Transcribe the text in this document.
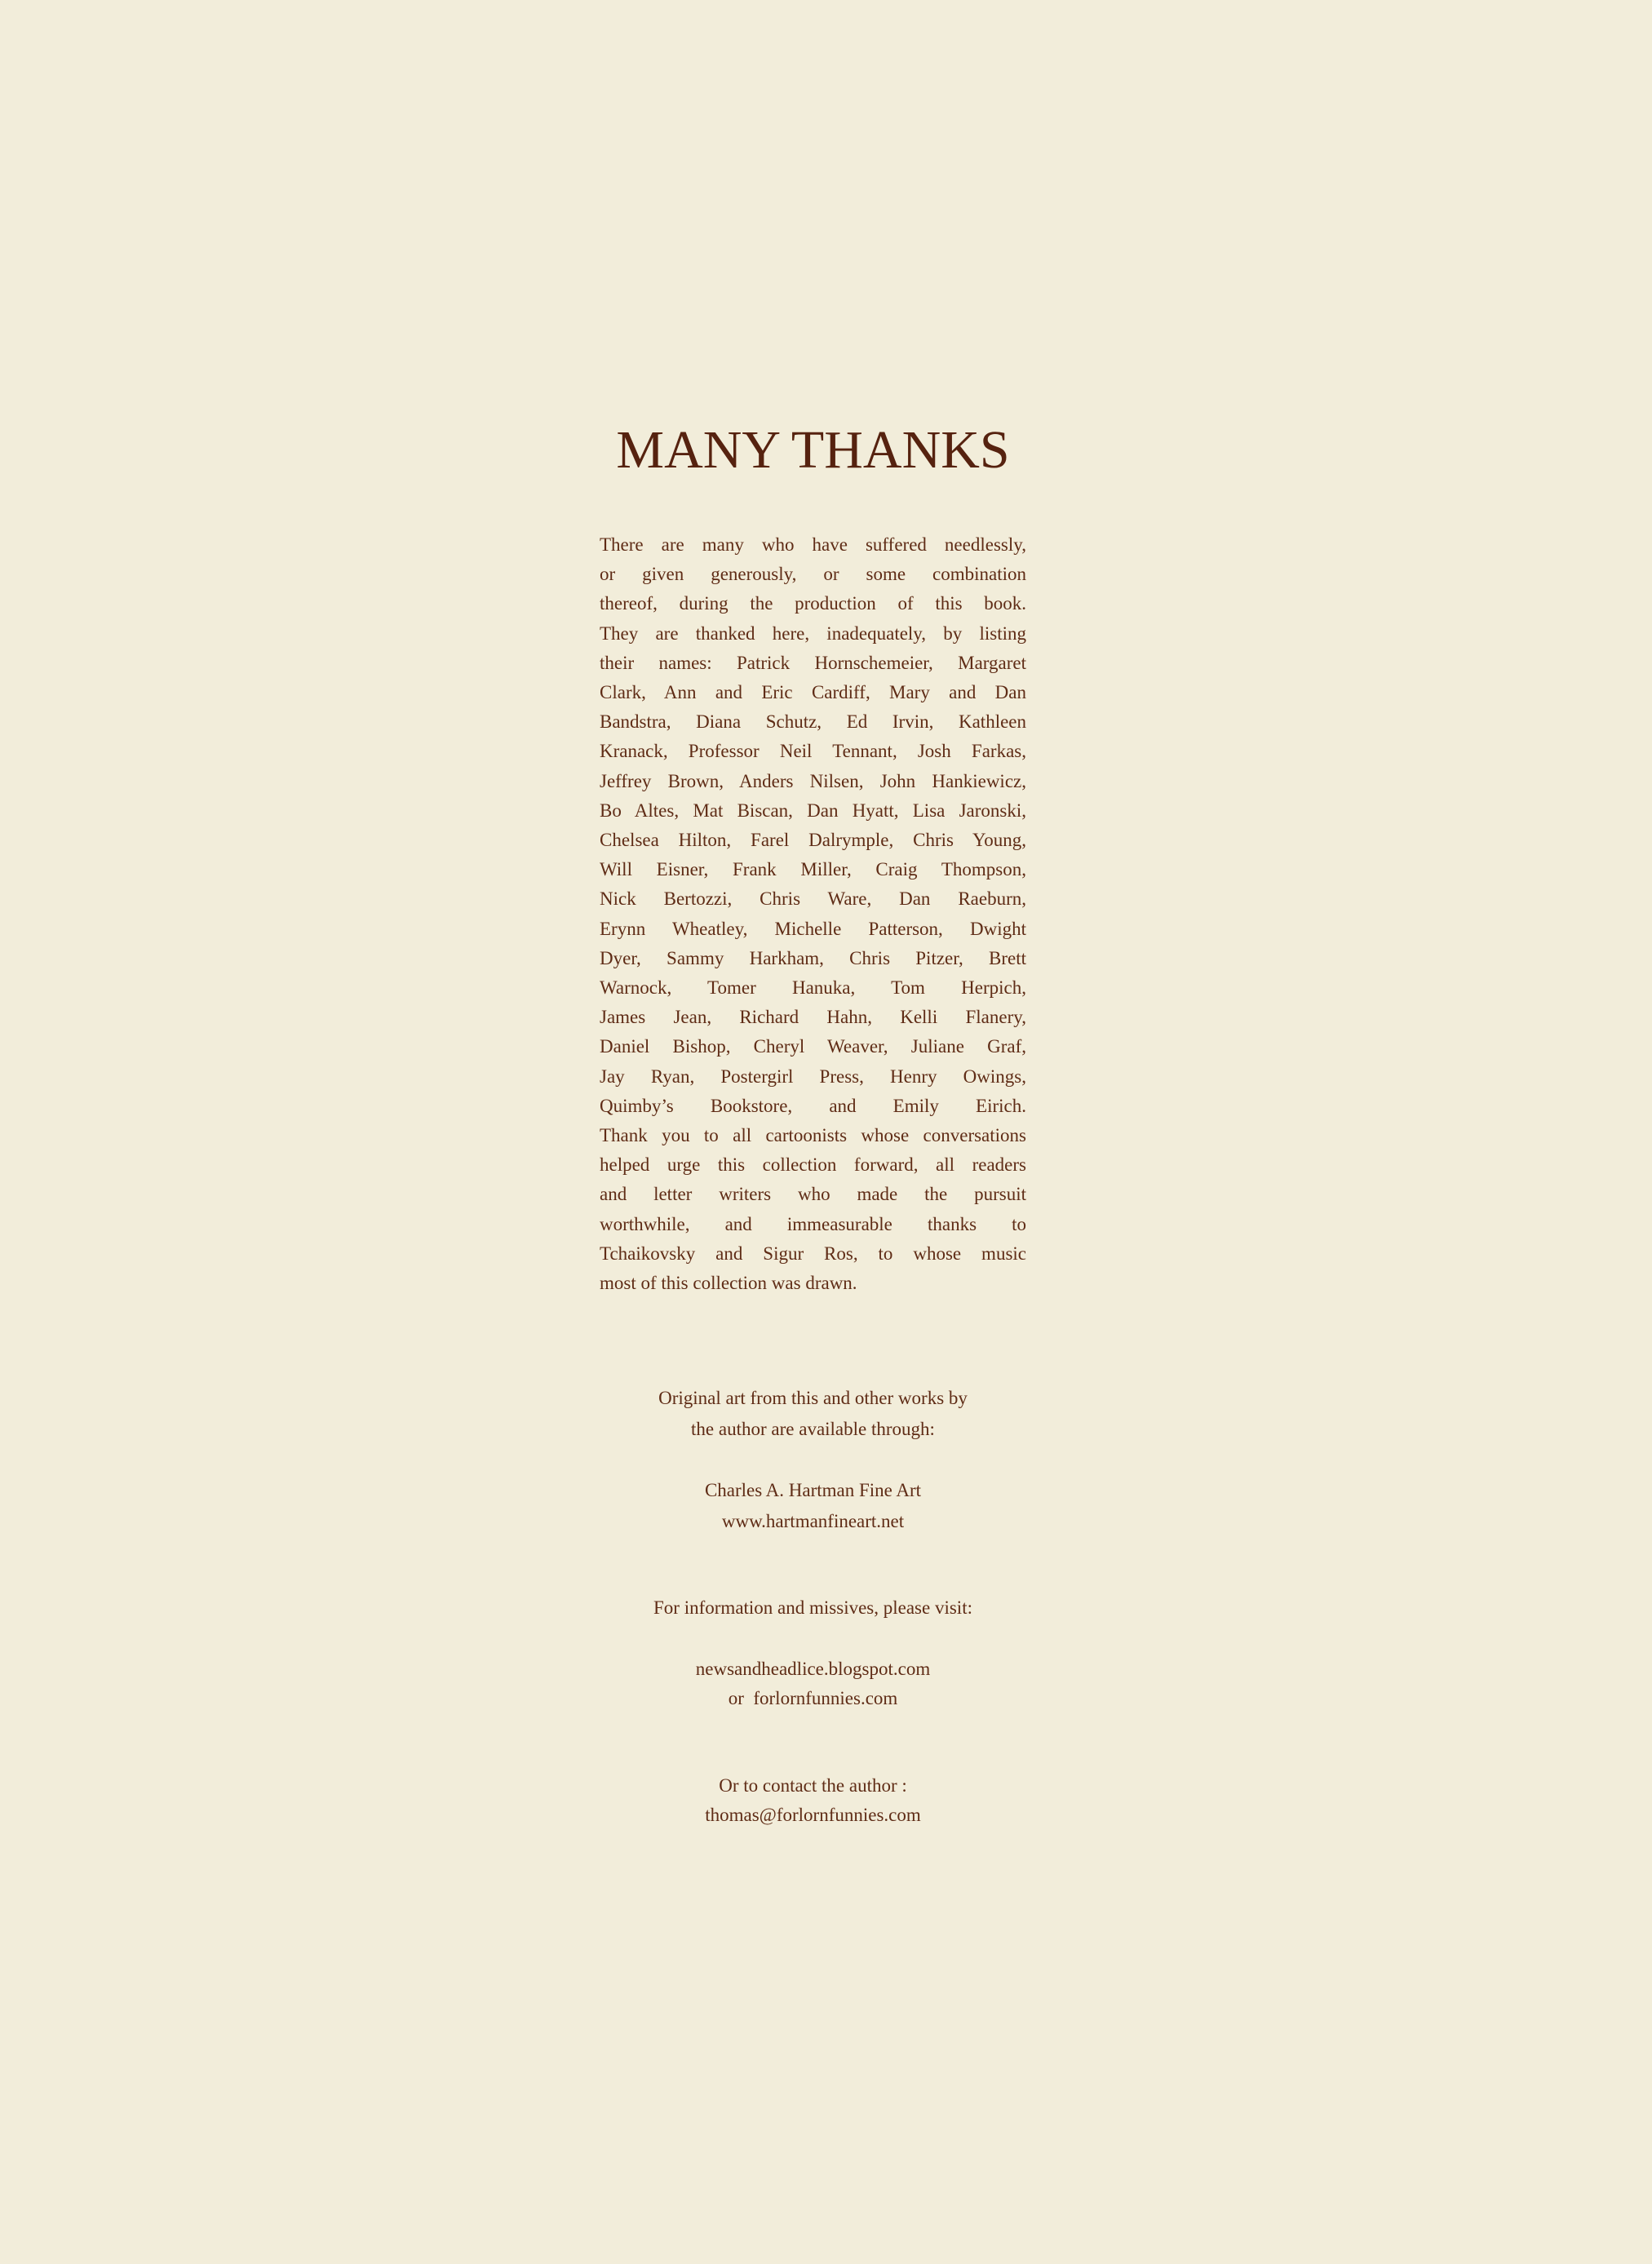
MANY THANKS
There are many who have suffered needlessly,
or given generously, or some combination
thereof, during the production of this book.
They are thanked here, inadequately, by listing
their names: Patrick Hornschemeier, Margaret
Clark, Ann and Eric Cardiff, Mary and Dan
Bandstra, Diana Schutz, Ed Irvin, Kathleen
Kranack, Professor Neil Tennant, Josh Farkas,
Jeffrey Brown, Anders Nilsen, John Hankiewicz,
Bo Altes, Mat Biscan, Dan Hyatt, Lisa Jaronski,
Chelsea Hilton, Farel Dalrymple, Chris Young,
Will Eisner, Frank Miller, Craig Thompson,
Nick Bertozzi, Chris Ware, Dan Raeburn,
Erynn Wheatley, Michelle Patterson, Dwight
Dyer, Sammy Harkham, Chris Pitzer, Brett
Warnock, Tomer Hanuka, Tom Herpich,
James Jean, Richard Hahn, Kelli Flanery,
Daniel Bishop, Cheryl Weaver, Juliane Graf,
Jay Ryan, Postergirl Press, Henry Owings,
Quimby’s Bookstore, and Emily Eirich.
Thank you to all cartoonists whose conversations
helped urge this collection forward, all readers
and letter writers who made the pursuit
worthwhile, and immeasurable thanks to
Tchaikovsky and Sigur Ros, to whose music
most of this collection was drawn.
Original art from this and other works by
the author are available through:
Charles A. Hartman Fine Art
www.hartmanfineart.net
For information and missives, please visit:
newsandheadlice.blogspot.com
or  forlornfunnies.com
Or to contact the author :
thomas@forlornfunnies.com
